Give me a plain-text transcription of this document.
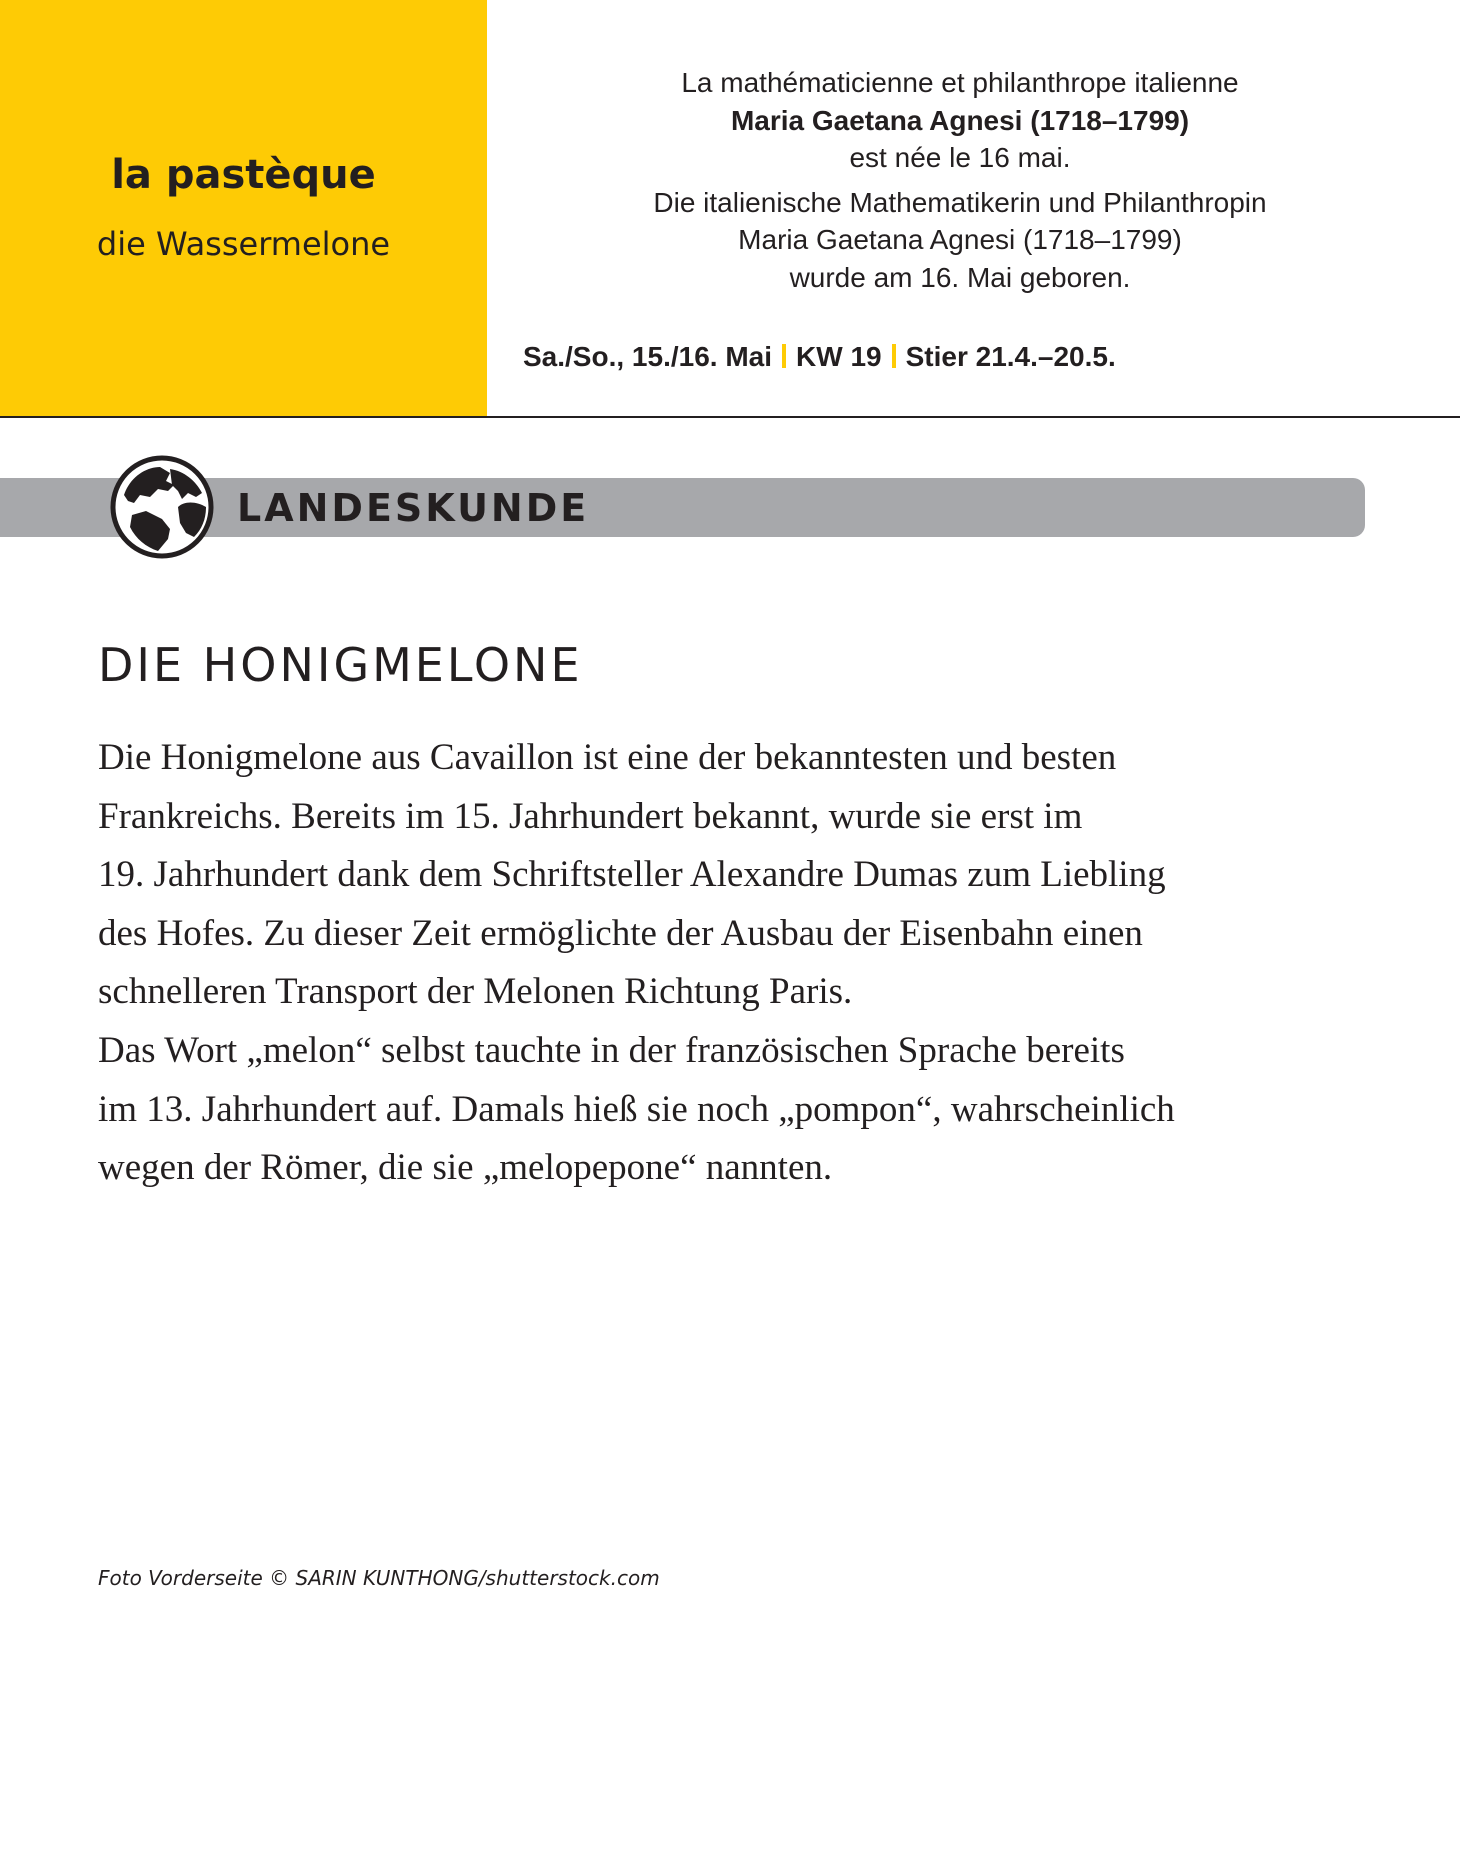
la pastèque
die Wassermelone
La mathématicienne et philanthrope italienne
Maria Gaetana Agnesi (1718–1799)
est née le 16 mai.
Die italienische Mathematikerin und Philanthropin
Maria Gaetana Agnesi (1718–1799)
wurde am 16. Mai geboren.
Sa./So., 15./16. Mai KW 19 Stier 21.4.–20.5.
LANDESKUNDE
DIE HONIGMELONE
Die Honigmelone aus Cavaillon ist eine der bekanntesten und besten
Frankreichs. Bereits im 15. Jahrhundert bekannt, wurde sie erst im
19. Jahrhundert dank dem Schriftsteller Alexandre Dumas zum Liebling
des Hofes. Zu dieser Zeit ermöglichte der Ausbau der Eisenbahn einen
schnelleren Transport der Melonen Richtung Paris.
Das Wort „melon“ selbst tauchte in der französischen Sprache bereits
im 13. Jahrhundert auf. Damals hieß sie noch „pompon“, wahrscheinlich
wegen der Römer, die sie „melopepone“ nannten.
Foto Vorderseite © SARIN KUNTHONG/shutterstock.com
